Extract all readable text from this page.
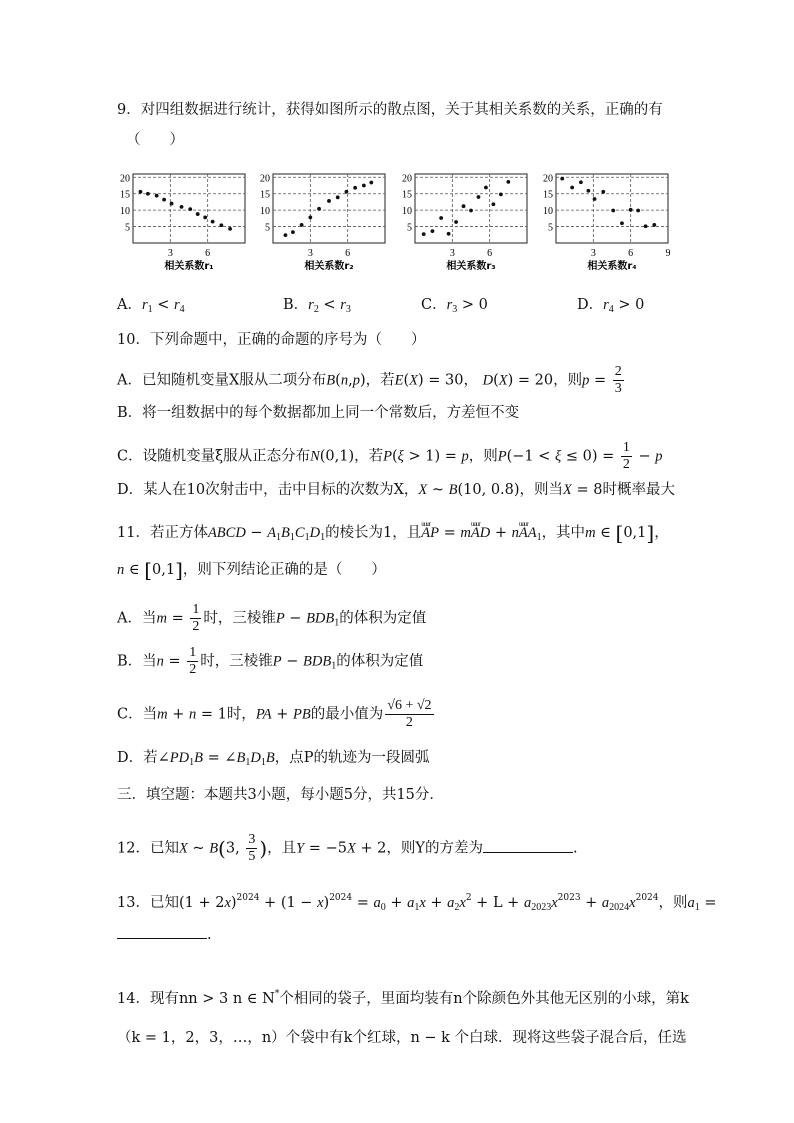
9．对四组数据进行统计，获得如图所示的散点图，关于其相关系数的关系，正确的有
（　　）
20
15
10
5
3	6
相关系数r₁
20
15
10
5
3	6
相关系数r₂
20
15
10
5
3	6
相关系数r₃
20
15
10
5
3	6	9
相关系数r₄
A．$r_1 < r_4$	B．$r_2 < r_3$	C．$r_3 > 0$	D．$r_4 > 0$
10．下列命题中，正确的命题的序号为（　　）
A．已知随机变量X服从二项分布B(n,p)，若E(X) = 30， D(X) = 20，则$p = \frac{2}{3}$
B．将一组数据中的每个数据都加上同一个常数后，方差恒不变
C．设随机变量ξ服从正态分布N(0,1)，若P(ξ > 1) = p，则$P(-1 < \xi \le 0) = \frac{1}{2} - p$
D．某人在10次射击中，击中目标的次数为X，X ~ B(10, 0.8)，则当X = 8时概率最大
11．若正方体ABCD − $A_1B_1C_1D_1$的棱长为1，且uuur AP = muuur AD + nuuur $AA_1$，其中m ∈ [0,1]，
n ∈ [0,1]，则下列结论正确的是（　　）
A．当$m = \frac{1}{2}$ 时，三棱锥$P - BDB_1$的体积为定值
B．当$n = \frac{1}{2}$ 时，三棱锥$P - BDB_1$的体积为定值
C．当m + n = 1时，PA + PB的最小值为 $\frac{√6 + √2}{2}$
D．若$\angle PD_1B$ = $\angle B_1D_1B$，点P的轨迹为一段圆弧
三．填空题：本题共3小题，每小题5分，共15分．
12．已知X ~ B(3, $\frac{3}{5}$ )，且Y = −5X + 2，则Y的方差为	.
13．已知$(1 + 2x)^{2024} + (1 - x)^{2024} = a_0 + a_1x + a_2x^2 + L + a_{2023}x^{2023} + a_{2024}x^{2024}$，则$a_1$ =
.
14．现有nn > 3 n ∈ N*个相同的袋子，里面均装有n个除颜色外其他无区别的小球，第k
（k = 1，2，3，…，n）个袋中有k个红球，n − k 个白球．现将这些袋子混合后，任选
